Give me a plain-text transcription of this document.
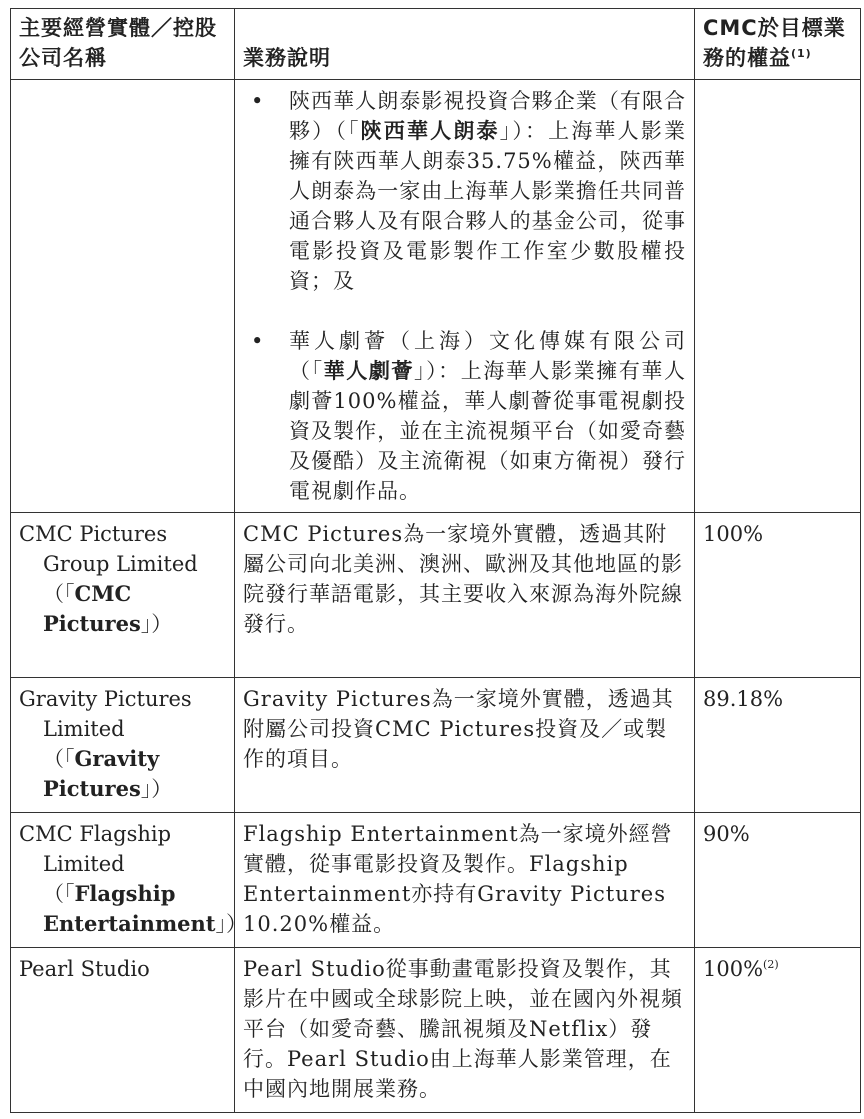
主要經營實體／控股公司名稱	業務說明	CMC於目標業務的權益$^{(1)}$

	• 陝西華人朗泰影視投資合夥企業（有限合夥）（「陝西華人朗泰」）：上海華人影業擁有陝西華人朗泰35.75%權益，陝西華人朗泰為一家由上海華人影業擔任共同普通合夥人及有限合夥人的基金公司，從事電影投資及電影製作工作室少數股權投資；及
• 華人劇薈（上海）文化傳媒有限公司（「華人劇薈」）：上海華人影業擁有華人劇薈100%權益，華人劇薈從事電視劇投資及製作，並在主流視頻平台（如愛奇藝及優酷）及主流衛視（如東方衛視）發行電視劇作品。	

CMC Pictures Group Limited（「CMC Pictures」）	CMC Pictures為一家境外實體，透過其附屬公司向北美洲、澳洲、歐洲及其他地區的影院發行華語電影，其主要收入來源為海外院線發行。	100%

Gravity Pictures Limited（「Gravity Pictures」）	Gravity Pictures為一家境外實體，透過其附屬公司投資CMC Pictures投資及／或製作的項目。	89.18%

CMC Flagship Limited（「Flagship Entertainment」）	Flagship Entertainment為一家境外經營實體，從事電影投資及製作。Flagship Entertainment亦持有Gravity Pictures 10.20%權益。	90%

Pearl Studio	Pearl Studio從事動畫電影投資及製作，其影片在中國或全球影院上映，並在國內外視頻平台（如愛奇藝、騰訊視頻及Netflix）發行。Pearl Studio由上海華人影業管理，在中國內地開展業務。	100%$^{(2)}$
